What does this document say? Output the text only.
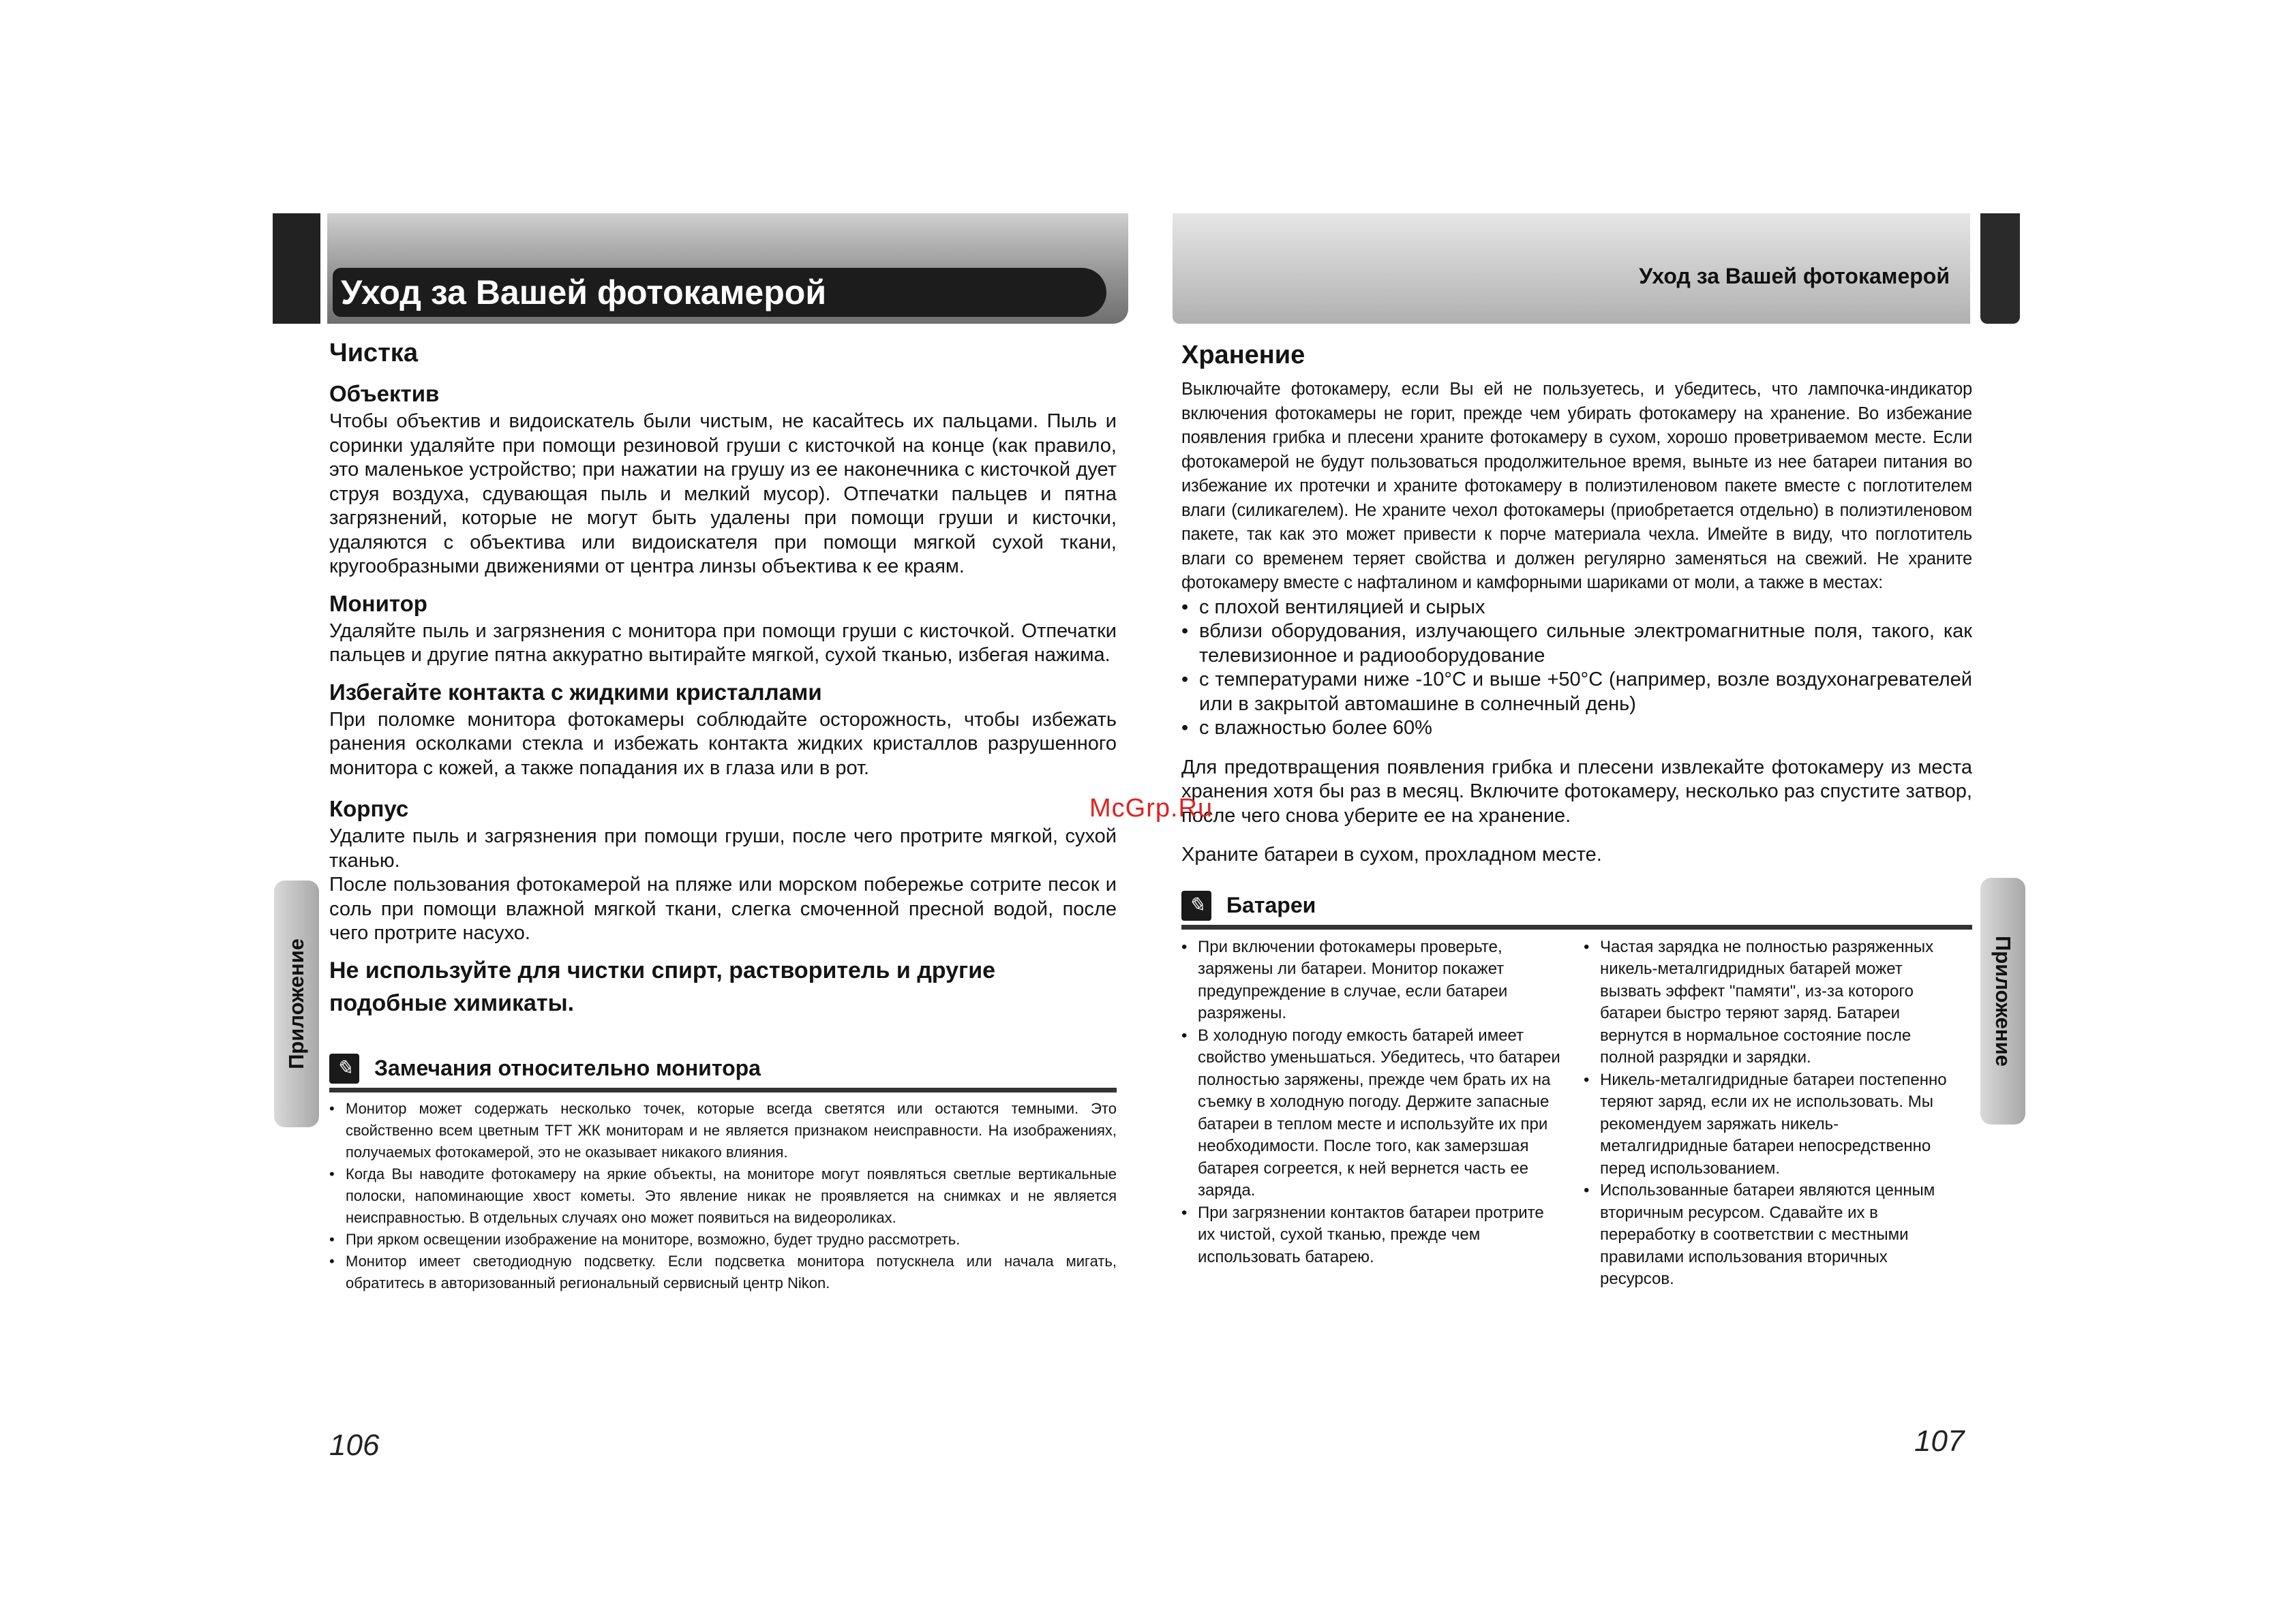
Уход за Вашей фотокамерой
Приложение
Чистка
Объектив

Чтобы объектив и видоискатель были чистым, не касайтесь их пальцами. Пыль и соринки удаляйте при помощи резиновой груши с кисточкой на конце (как правило, это маленькое устройство; при нажатии на грушу из ее наконечника с кисточкой дует струя воздуха, сдувающая пыль и мелкий мусор). Отпечатки пальцев и пятна загрязнений, которые не могут быть удалены при помощи груши и кисточки, удаляются с объектива или видоискателя при помощи мягкой сухой ткани, кругообразными движениями от центра линзы объектива к ее краям.

Монитор

Удаляйте пыль и загрязнения с монитора при помощи груши с кисточкой. Отпечатки пальцев и другие пятна аккуратно вытирайте мягкой, сухой тканью, избегая нажима.

Избегайте контакта с жидкими кристаллами

При поломке монитора фотокамеры соблюдайте осторожность, чтобы избежать ранения осколками стекла и избежать контакта жидких кристаллов разрушенного монитора с кожей, а также попадания их в глаза или в рот.

Корпус

Удалите пыль и загрязнения при помощи груши, после чего протрите мягкой, сухой тканью.

После пользования фотокамерой на пляже или морском побережье сотрите песок и соль при помощи влажной мягкой ткани, слегка смоченной пресной водой, после чего протрите насухо.

Не используйте для чистки спирт, растворитель и другие подобные химикаты.

✎ Замечания относительно монитора
• Монитор может содержать несколько точек, которые всегда светятся или остаются темными. Это свойственно всем цветным TFT ЖК мониторам и не является признаком неисправности. На изображениях, получаемых фотокамерой, это не оказывает никакого влияния.
• Когда Вы наводите фотокамеру на яркие объекты, на мониторе могут появляться светлые вертикальные полоски, напоминающие хвост кометы. Это явление никак не проявляется на снимках и не является неисправностью. В отдельных случаях оно может появиться на видеороликах.
• При ярком освещении изображение на мониторе, возможно, будет трудно рассмотреть.
• Монитор имеет светодиодную подсветку. Если подсветка монитора потускнела или начала мигать, обратитесь в авторизованный региональный сервисный центр Nikon.
106
Уход за Вашей фотокамерой
Приложение
Хранение

Выключайте фотокамеру, если Вы ей не пользуетесь, и убедитесь, что лампочка-индикатор включения фотокамеры не горит, прежде чем убирать фотокамеру на хранение. Во избежание появления грибка и плесени храните фотокамеру в сухом, хорошо проветриваемом месте. Если фотокамерой не будут пользоваться продолжительное время, выньте из нее батареи питания во избежание их протечки и храните фотокамеру в полиэтиленовом пакете вместе с поглотителем влаги (силикагелем). Не храните чехол фотокамеры (приобретается отдельно) в полиэтиленовом пакете, так как это может привести к порче материала чехла. Имейте в виду, что поглотитель влаги со временем теряет свойства и должен регулярно заменяться на свежий. Не храните фотокамеру вместе с нафталином и камфорными шариками от моли, а также в местах:

• с плохой вентиляцией и сырых
• вблизи оборудования, излучающего сильные электромагнитные поля, такого, как телевизионное и радиооборудование
• с температурами ниже -10°C и выше +50°C (например, возле воздухонагревателей или в закрытой автомашине в солнечный день)
• с влажностью более 60%

Для предотвращения появления грибка и плесени извлекайте фотокамеру из места хранения хотя бы раз в месяц. Включите фотокамеру, несколько раз спустите затвор, после чего снова уберите ее на хранение.

Храните батареи в сухом, прохладном месте.

✎ Батареи
• При включении фотокамеры проверьте, заряжены ли батареи. Монитор покажет предупреждение в случае, если батареи разряжены.
• В холодную погоду емкость батарей имеет свойство уменьшаться. Убедитесь, что батареи полностью заряжены, прежде чем брать их на съемку в холодную погоду. Держите запасные батареи в теплом месте и используйте их при необходимости. После того, как замерзшая батарея согреется, к ней вернется часть ее заряда.
• При загрязнении контактов батареи протрите их чистой, сухой тканью, прежде чем использовать батарею.
• Частая зарядка не полностью разряженных никель-металгидридных батарей может вызвать эффект "памяти", из-за которого батареи быстро теряют заряд. Батареи вернутся в нормальное состояние после полной разрядки и зарядки.
• Никель-металгидридные батареи постепенно теряют заряд, если их не использовать. Мы рекомендуем заряжать никель-металгидридные батареи непосредственно перед использованием.
• Использованные батареи являются ценным вторичным ресурсом. Сдавайте их в переработку в соответствии с местными правилами использования вторичных ресурсов.
107
McGrp.Ru
